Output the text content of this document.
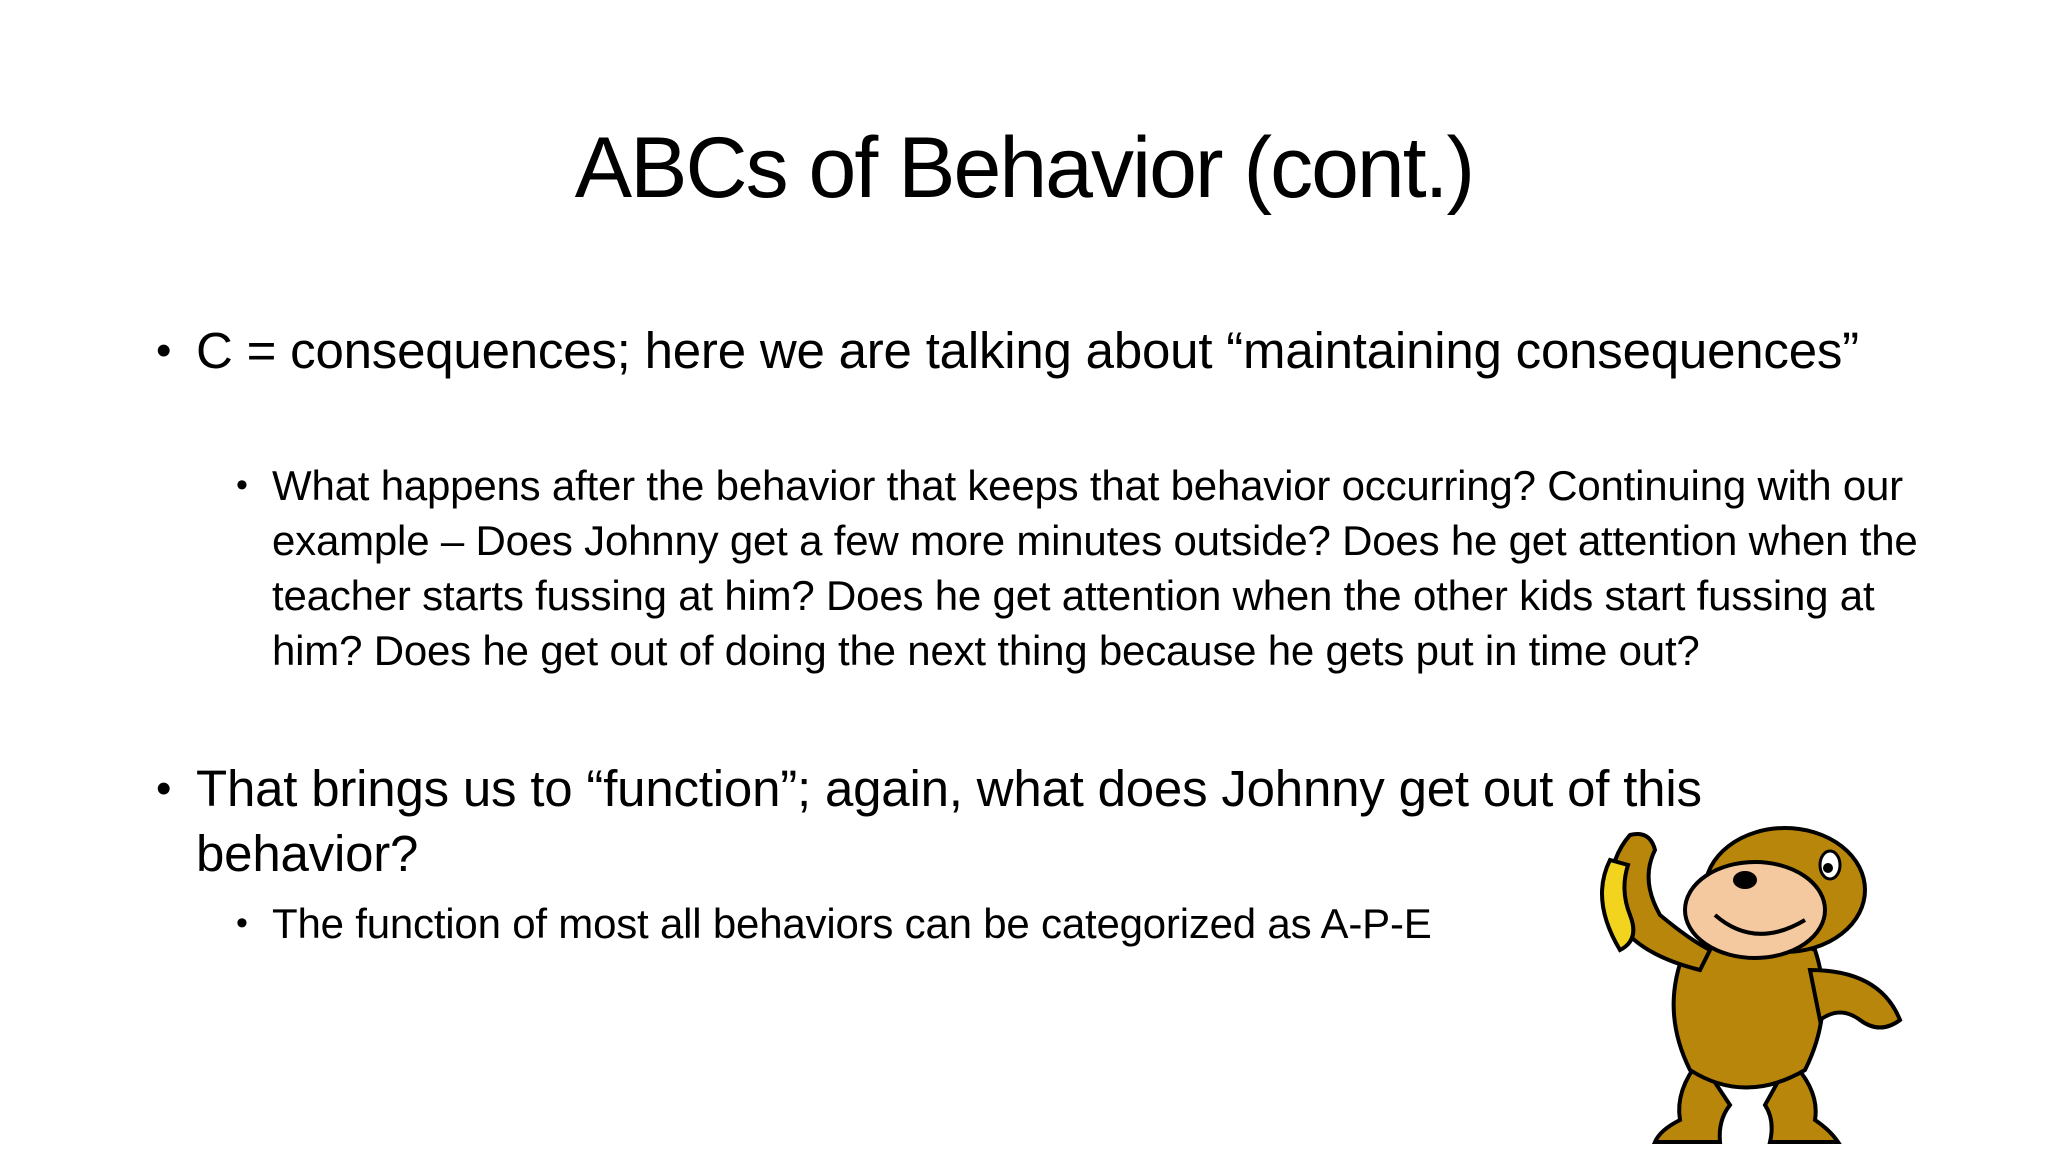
ABCs of Behavior (cont.)
• C = consequences; here we are talking about “maintaining consequences”
• What happens after the behavior that keeps that behavior occurring? Continuing with our example – Does Johnny get a few more minutes outside? Does he get attention when the teacher starts fussing at him? Does he get attention when the other kids start fussing at him? Does he get out of doing the next thing because he gets put in time out?
• That brings us to “function”; again, what does Johnny get out of this behavior?
• The function of most all behaviors can be categorized as A-P-E
